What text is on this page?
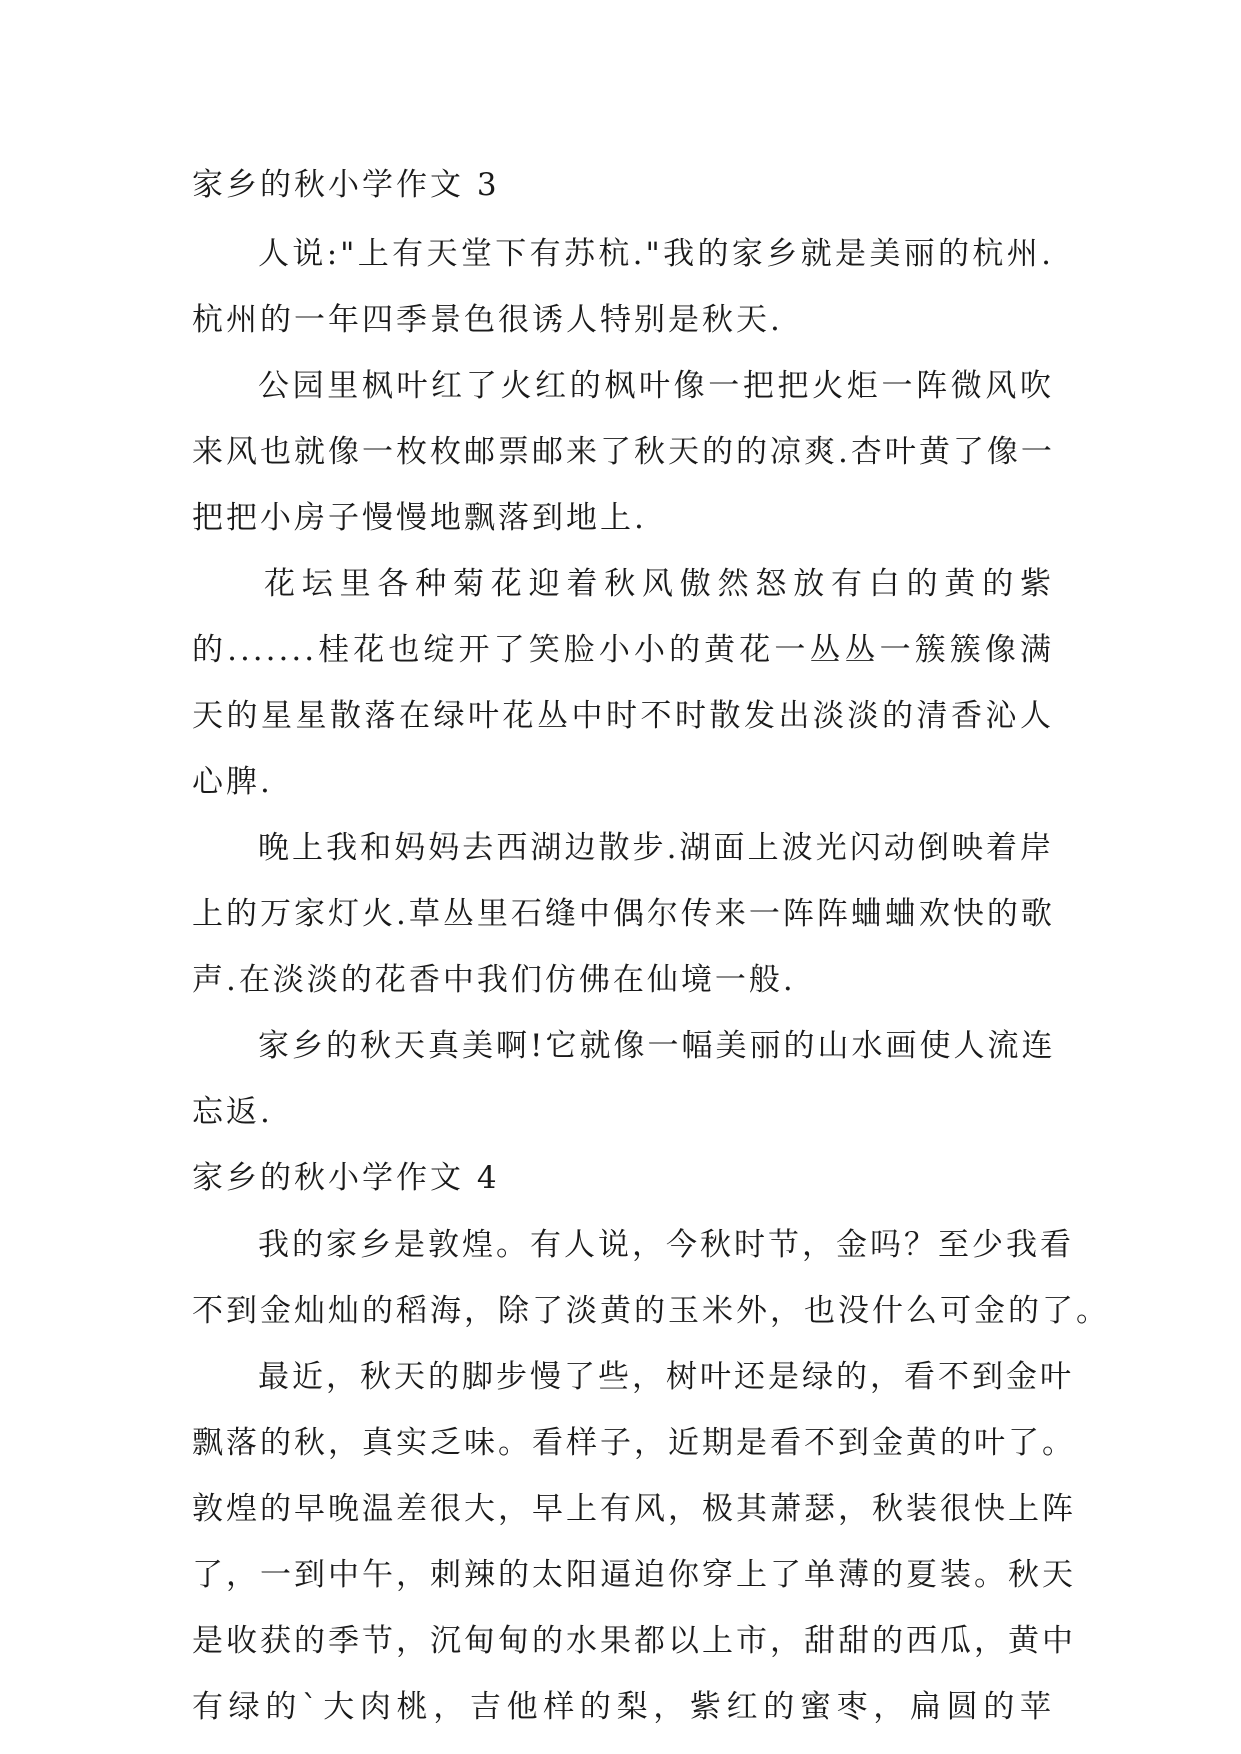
家乡的秋小学作文 3
人说:"上有天堂下有苏杭."我的家乡就是美丽的杭州.
杭州的一年四季景色很诱人特别是秋天.
公园里枫叶红了火红的枫叶像一把把火炬一阵微风吹
来风也就像一枚枚邮票邮来了秋天的的凉爽.杏叶黄了像一
把把小房子慢慢地飘落到地上.
花坛里各种菊花迎着秋风傲然怒放有白的黄的紫
的.......桂花也绽开了笑脸小小的黄花一丛丛一簇簇像满
天的星星散落在绿叶花丛中时不时散发出淡淡的清香沁人
心脾.
晚上我和妈妈去西湖边散步.湖面上波光闪动倒映着岸
上的万家灯火.草丛里石缝中偶尔传来一阵阵蛐蛐欢快的歌
声.在淡淡的花香中我们仿佛在仙境一般.
家乡的秋天真美啊!它就像一幅美丽的山水画使人流连
忘返.
家乡的秋小学作文 4
我的家乡是敦煌。有人说，今秋时节，金吗？至少我看
不到金灿灿的稻海，除了淡黄的玉米外，也没什么可金的了。
最近，秋天的脚步慢了些，树叶还是绿的，看不到金叶
飘落的秋，真实乏味。看样子，近期是看不到金黄的叶了。
敦煌的早晚温差很大，早上有风，极其萧瑟，秋装很快上阵
了，一到中午，刺辣的太阳逼迫你穿上了单薄的夏装。秋天
是收获的季节，沉甸甸的水果都以上市，甜甜的西瓜，黄中
有绿的`大肉桃，吉他样的梨，紫红的蜜枣，扁圆的苹
